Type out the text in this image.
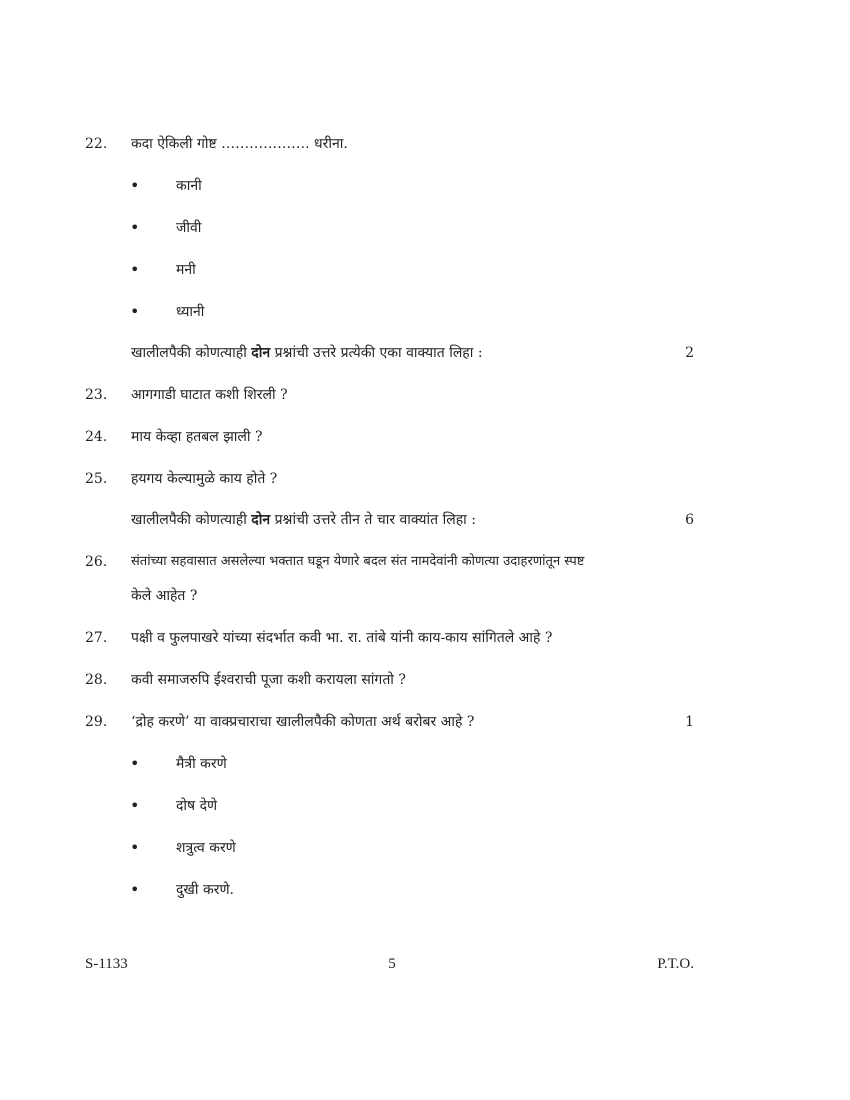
22.	कदा ऐकिली गोष्ट ………………. धरीना.
•	कानी
•	जीवी
•	मनी
•	ध्यानी
खालीलपैकी कोणत्याही दोन प्रश्नांची उत्तरे प्रत्येकी एका वाक्यात लिहा :	2
23.	आगगाडी घाटात कशी शिरली ?
24.	माय केव्हा हतबल झाली ?
25.	हयगय केल्यामुळे काय होते ?
खालीलपैकी कोणत्याही दोन प्रश्नांची उत्तरे तीन ते चार वाक्यांत लिहा :	6
26.	संतांच्या सहवासात असलेल्या भक्तात घडून येणारे बदल संत नामदेवांनी कोणत्या उदाहरणांतून स्पष्ट
केले आहेत ?
27.	पक्षी व फुलपाखरे यांच्या संदर्भात कवी भा. रा. तांबे यांनी काय-काय सांगितले आहे ?
28.	कवी समाजरुपि ईश्वराची पूजा कशी करायला सांगतो ?
29.	‘द्रोह करणे’ या वाक्प्रचाराचा खालीलपैकी कोणता अर्थ बरोबर आहे ?	1
•	मैत्री करणे
•	दोष देणे
•	शत्रुत्व करणे
•	दुखी करणे.
S-1133	5	P.T.O.
